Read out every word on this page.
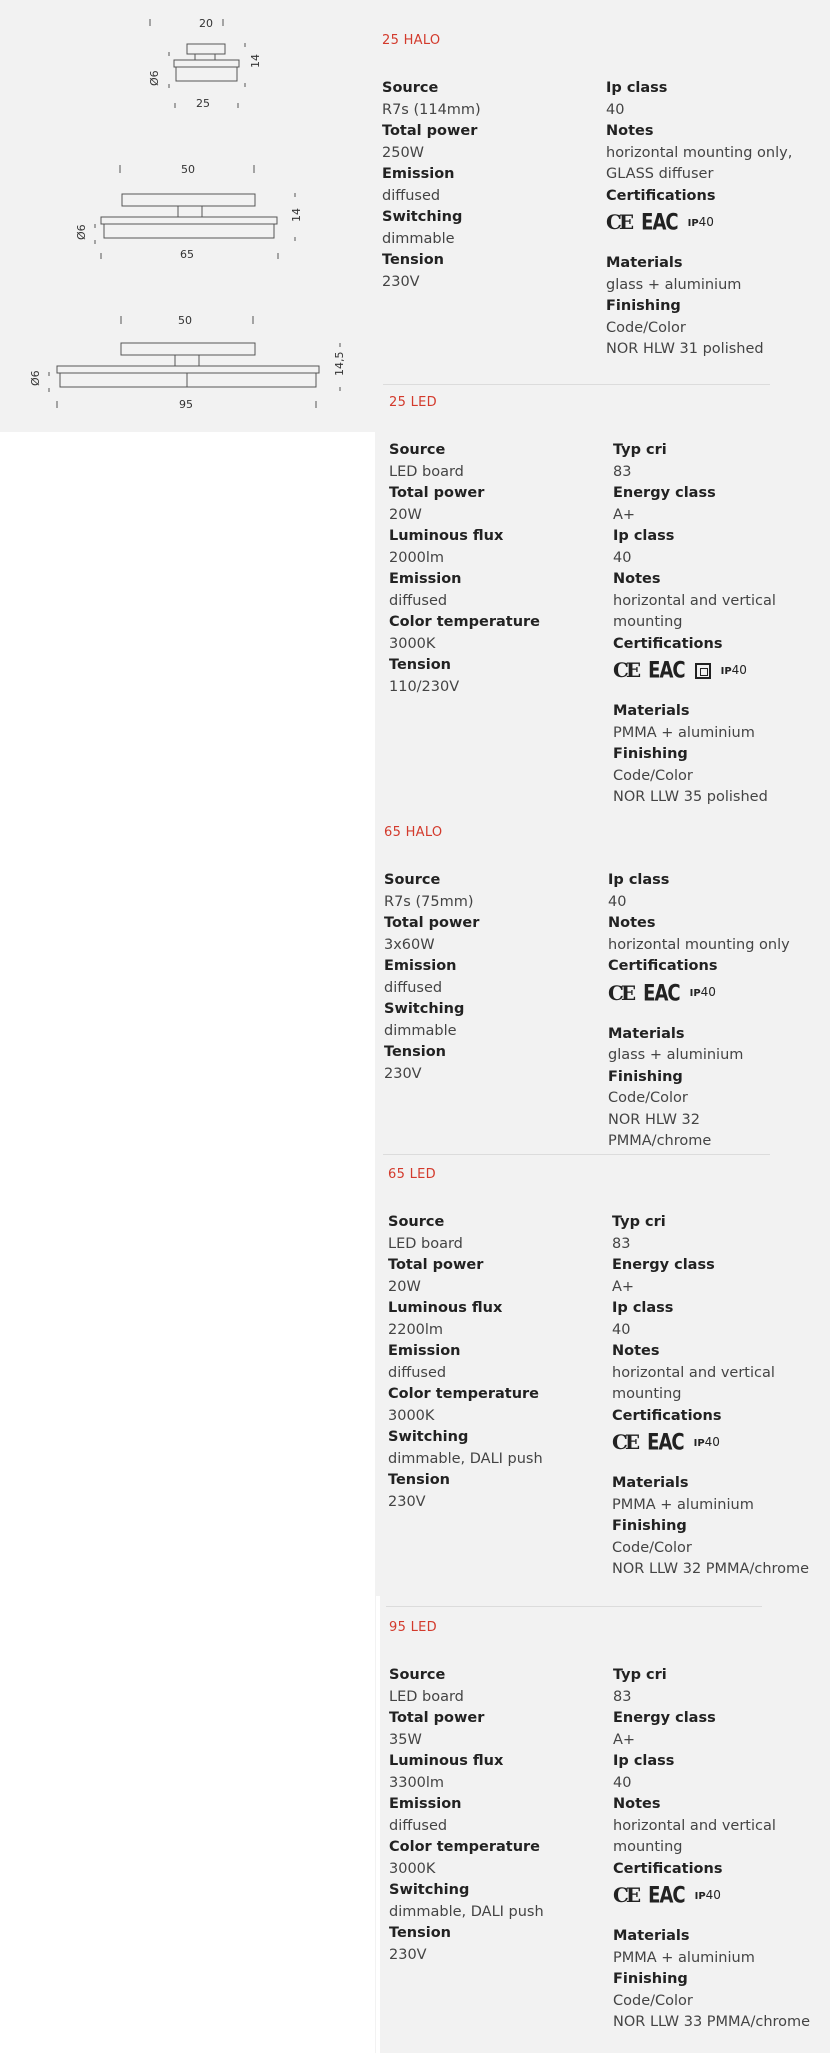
20
14
Ø6
25
50
14
Ø6
65
50
14,5
Ø6
95
25 HALO
Source
R7s (114mm)
Total power
250W
Emission
diffused
Switching
dimmable
Tension
230V
Ip class
40
Notes
horizontal mounting only,
GLASS diffuser
Certifications
CE EAC IP40
Materials
glass + aluminium
Finishing
Code/Color
NOR HLW 31 polished
25 LED
Source
LED board
Total power
20W
Luminous flux
2000lm
Emission
diffused
Color temperature
3000K
Tension
110/230V
Typ cri
83
Energy class
A+
Ip class
40
Notes
horizontal and vertical
mounting
Certifications
CE EAC	IP40
Materials
PMMA + aluminium
Finishing
Code/Color
NOR LLW 35 polished
65 HALO
Source
R7s (75mm)
Total power
3x60W
Emission
diffused
Switching
dimmable
Tension
230V
Ip class
40
Notes
horizontal mounting only
Certifications
CE EAC IP40
Materials
glass + aluminium
Finishing
Code/Color
NOR HLW 32
PMMA/chrome
65 LED
Source
LED board
Total power
20W
Luminous flux
2200lm
Emission
diffused
Color temperature
3000K
Switching
dimmable, DALI push
Tension
230V
Typ cri
83
Energy class
A+
Ip class
40
Notes
horizontal and vertical
mounting
Certifications
CE EAC IP40
Materials
PMMA + aluminium
Finishing
Code/Color
NOR LLW 32 PMMA/chrome
95 LED
Source
LED board
Total power
35W
Luminous flux
3300lm
Emission
diffused
Color temperature
3000K
Switching
dimmable, DALI push
Tension
230V
Typ cri
83
Energy class
A+
Ip class
40
Notes
horizontal and vertical
mounting
Certifications
CE EAC IP40
Materials
PMMA + aluminium
Finishing
Code/Color
NOR LLW 33 PMMA/chrome
